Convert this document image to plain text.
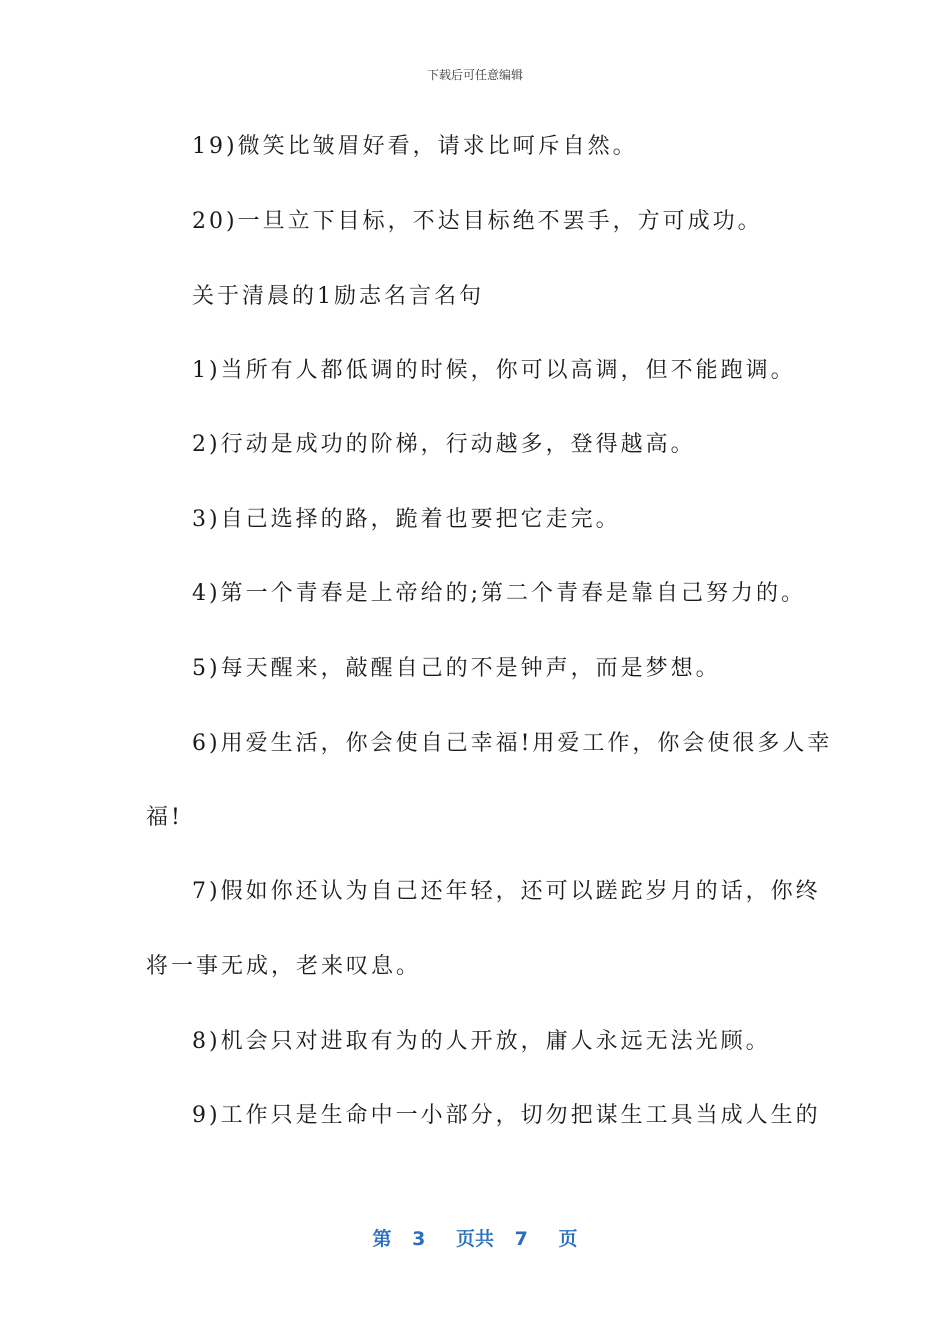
下载后可任意编辑
19)微笑比皱眉好看，请求比呵斥自然。
20)一旦立下目标，不达目标绝不罢手，方可成功。
关于清晨的1励志名言名句
1)当所有人都低调的时候，你可以高调，但不能跑调。
2)行动是成功的阶梯，行动越多，登得越高。
3)自己选择的路，跪着也要把它走完。
4)第一个青春是上帝给的;第二个青春是靠自己努力的。
5)每天醒来，敲醒自己的不是钟声，而是梦想。
6)用爱生活，你会使自己幸福!用爱工作，你会使很多人幸
福!
7)假如你还认为自己还年轻，还可以蹉跎岁月的话，你终
将一事无成，老来叹息。
8)机会只对进取有为的人开放，庸人永远无法光顾。
9)工作只是生命中一小部分，切勿把谋生工具当成人生的
第 3 页共 7 页
